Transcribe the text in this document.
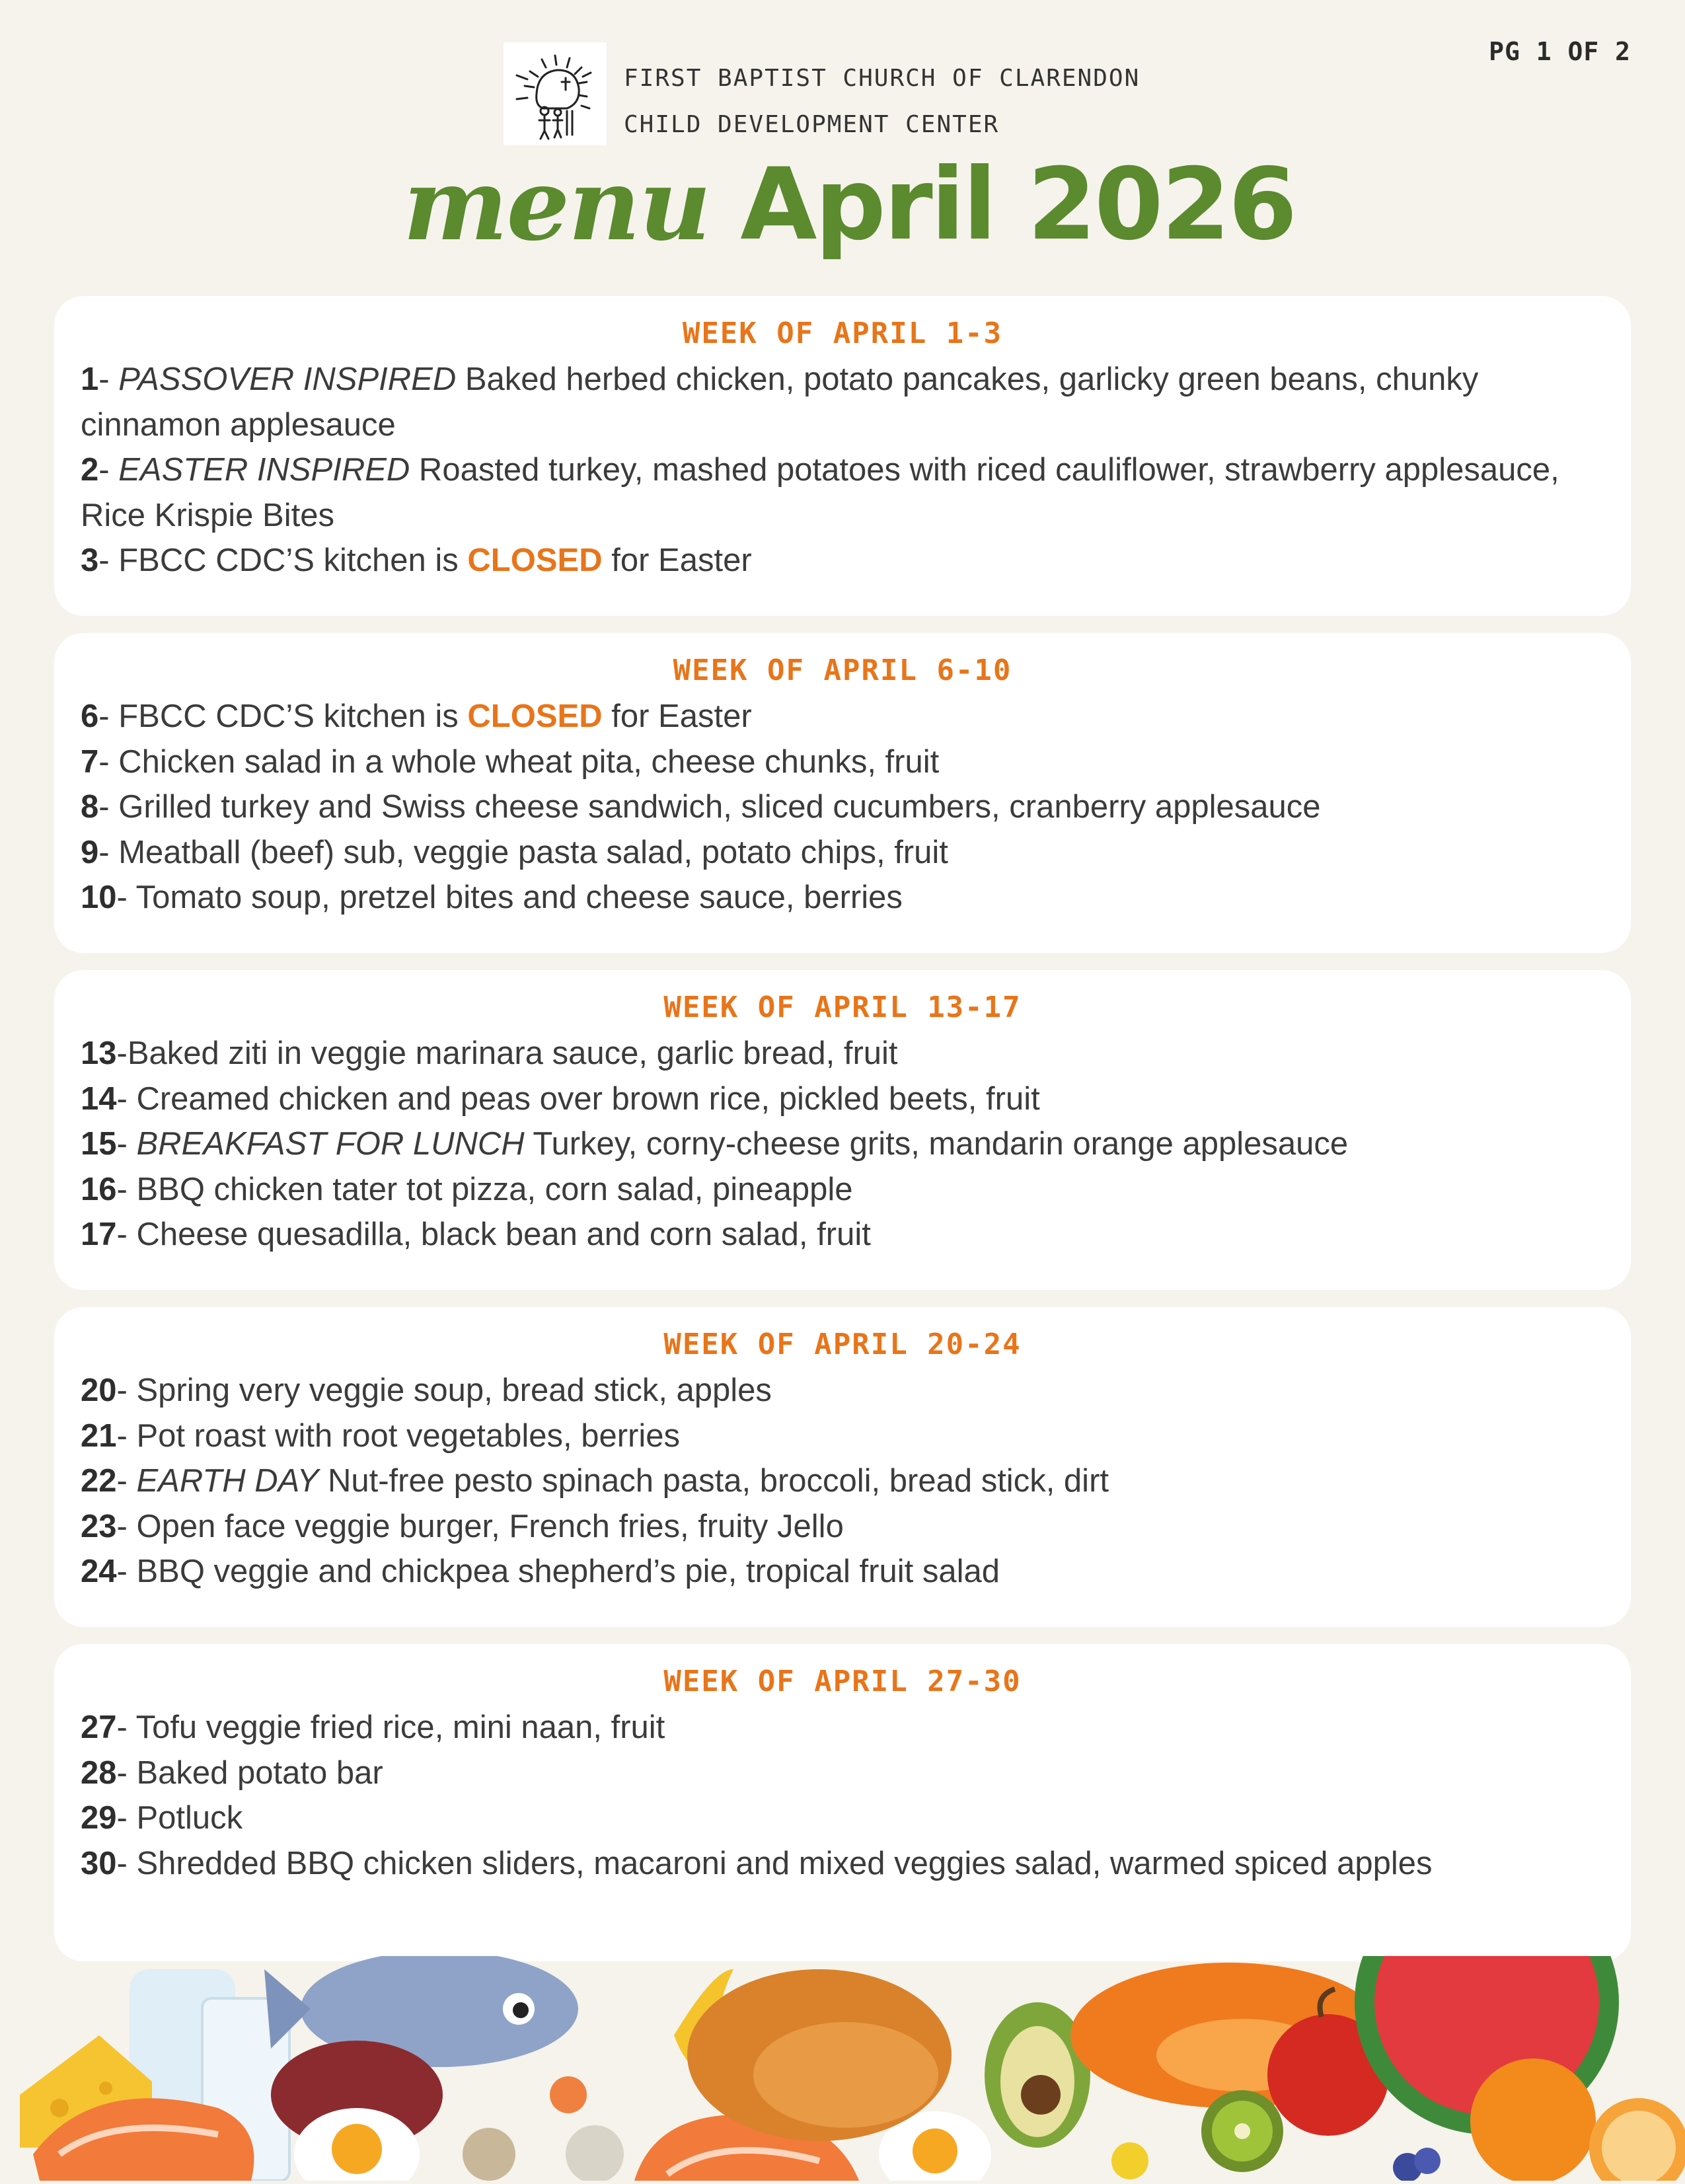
PG 1 OF 2
FIRST BAPTIST CHURCH OF CLARENDON
CHILD DEVELOPMENT CENTER
menu April 2026
WEEK OF APRIL 1-3
1- PASSOVER INSPIRED Baked herbed chicken, potato pancakes, garlicky green beans, chunky cinnamon applesauce
2- EASTER INSPIRED Roasted turkey, mashed potatoes with riced cauliflower, strawberry applesauce, Rice Krispie Bites
3- FBCC CDC’S kitchen is CLOSED for Easter
WEEK OF APRIL 6-10
6- FBCC CDC’S kitchen is CLOSED for Easter
7- Chicken salad in a whole wheat pita, cheese chunks, fruit
8- Grilled turkey and Swiss cheese sandwich, sliced cucumbers, cranberry applesauce
9- Meatball (beef) sub, veggie pasta salad, potato chips, fruit
10- Tomato soup, pretzel bites and cheese sauce, berries
WEEK OF APRIL 13-17
13-Baked ziti in veggie marinara sauce, garlic bread, fruit
14- Creamed chicken and peas over brown rice, pickled beets, fruit
15- BREAKFAST FOR LUNCH Turkey, corny-cheese grits, mandarin orange applesauce
16- BBQ chicken tater tot pizza, corn salad, pineapple
17- Cheese quesadilla, black bean and corn salad, fruit
WEEK OF APRIL 20-24
20- Spring very veggie soup, bread stick, apples
21- Pot roast with root vegetables, berries
22- EARTH DAY Nut-free pesto spinach pasta, broccoli, bread stick, dirt
23- Open face veggie burger, French fries, fruity Jello
24- BBQ veggie and chickpea shepherd’s pie, tropical fruit salad
WEEK OF APRIL 27-30
27- Tofu veggie fried rice, mini naan, fruit
28- Baked potato bar
29- Potluck
30- Shredded BBQ chicken sliders, macaroni and mixed veggies salad, warmed spiced apples
